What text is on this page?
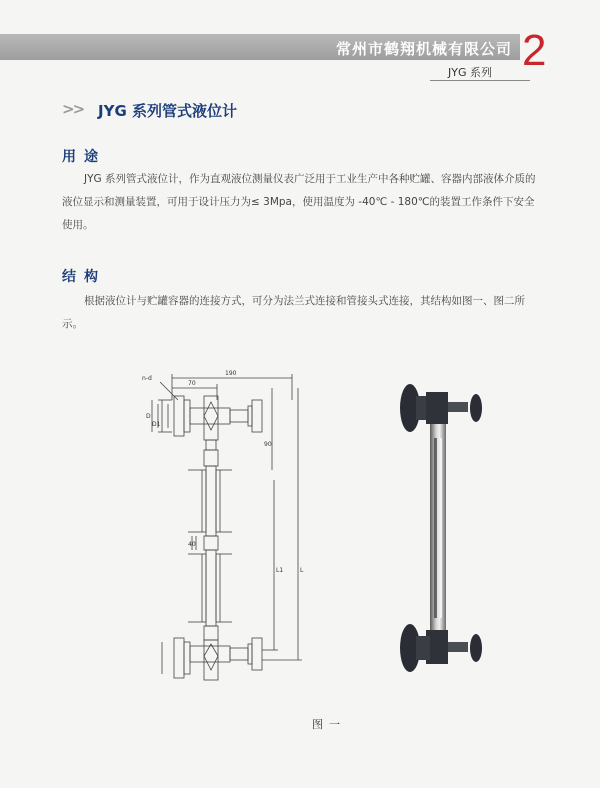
常州市鹤翔机械有限公司
JYG 系列 2
>> JYG 系列管式液位计
用途

JYG 系列管式液位计，作为直观液位测量仪表广泛用于工业生产中各种贮罐、容器内部液体介质的液位显示和测量装置，可用于设计压力为≤ 3Mpa，使用温度为 -40℃ - 180℃的装置工作条件下安全使用。

结构

根据液位计与贮罐容器的连接方式，可分为法兰式连接和管接头式连接，其结构如图一、图二所示。

n-d
190
70
D
D1
90
40
L1	L
图一
